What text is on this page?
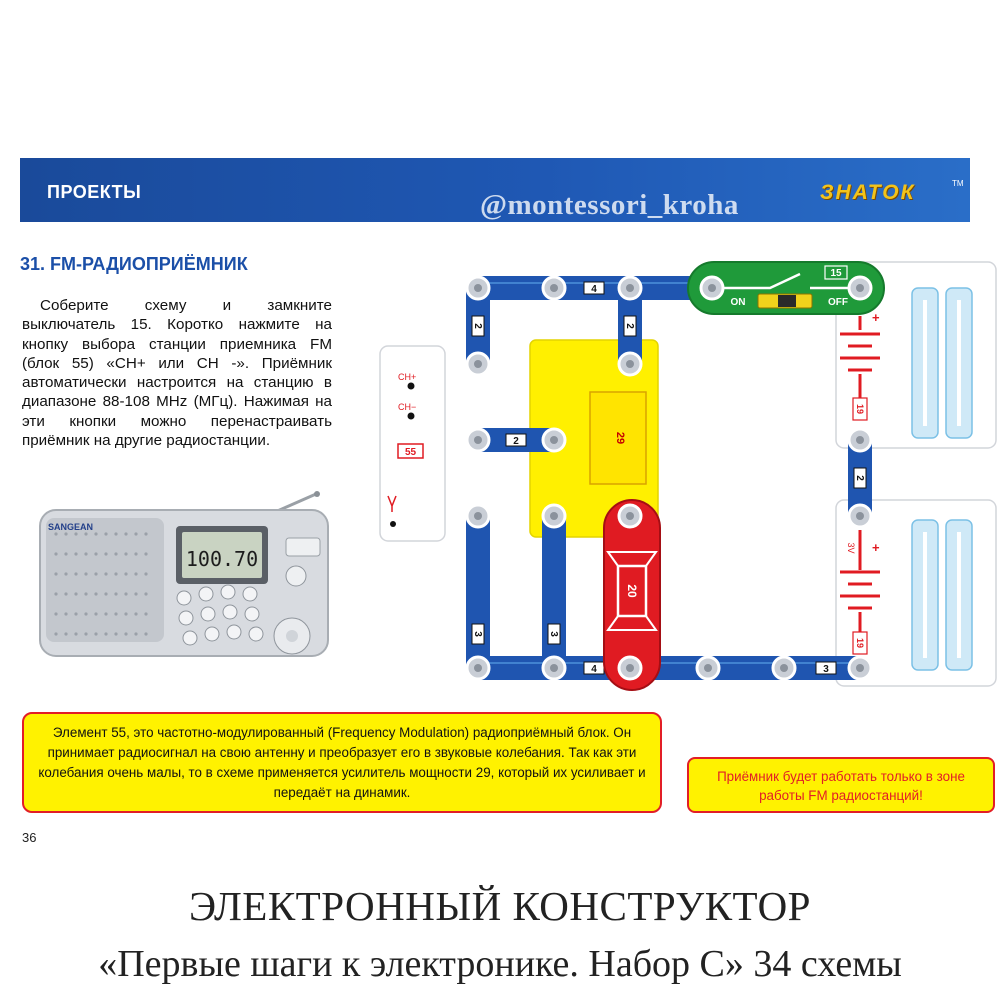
ПРОЕКТЫ	@montessori_kroha	ЗНАТОК	TM
31. FM-РАДИОПРИЁМНИК
Соберите схему и замкните выключатель 15. Коротко нажмите на кнопку выбора станции приемника FM (блок 55) «CH+ или CH -». Приёмник автоматически настроится на станцию в диапазоне 88-108 MHz (МГц). Нажимая на эти кнопки можно перенастраивать приёмник на другие радиостанции.
SANGEAN
100.70
29
4
2	2
2
2
3	3
4	3
15
ON	OFF
20
CH+
CH−
55
+
19
+
3V
19
Элемент 55, это частотно-модулированный (Frequency Modulation) радиоприёмный блок. Он принимает радиосигнал на свою антенну и преобразует его в звуковые колебания. Так как эти колебания очень малы, то в схеме применяется усилитель мощности 29, который их усиливает и передаёт на динамик.
Приёмник будет работать только в зоне работы FM радиостанций!
36
ЭЛЕКТРОННЫЙ КОНСТРУКТОР
«Первые шаги к электронике. Набор С» 34 схемы
